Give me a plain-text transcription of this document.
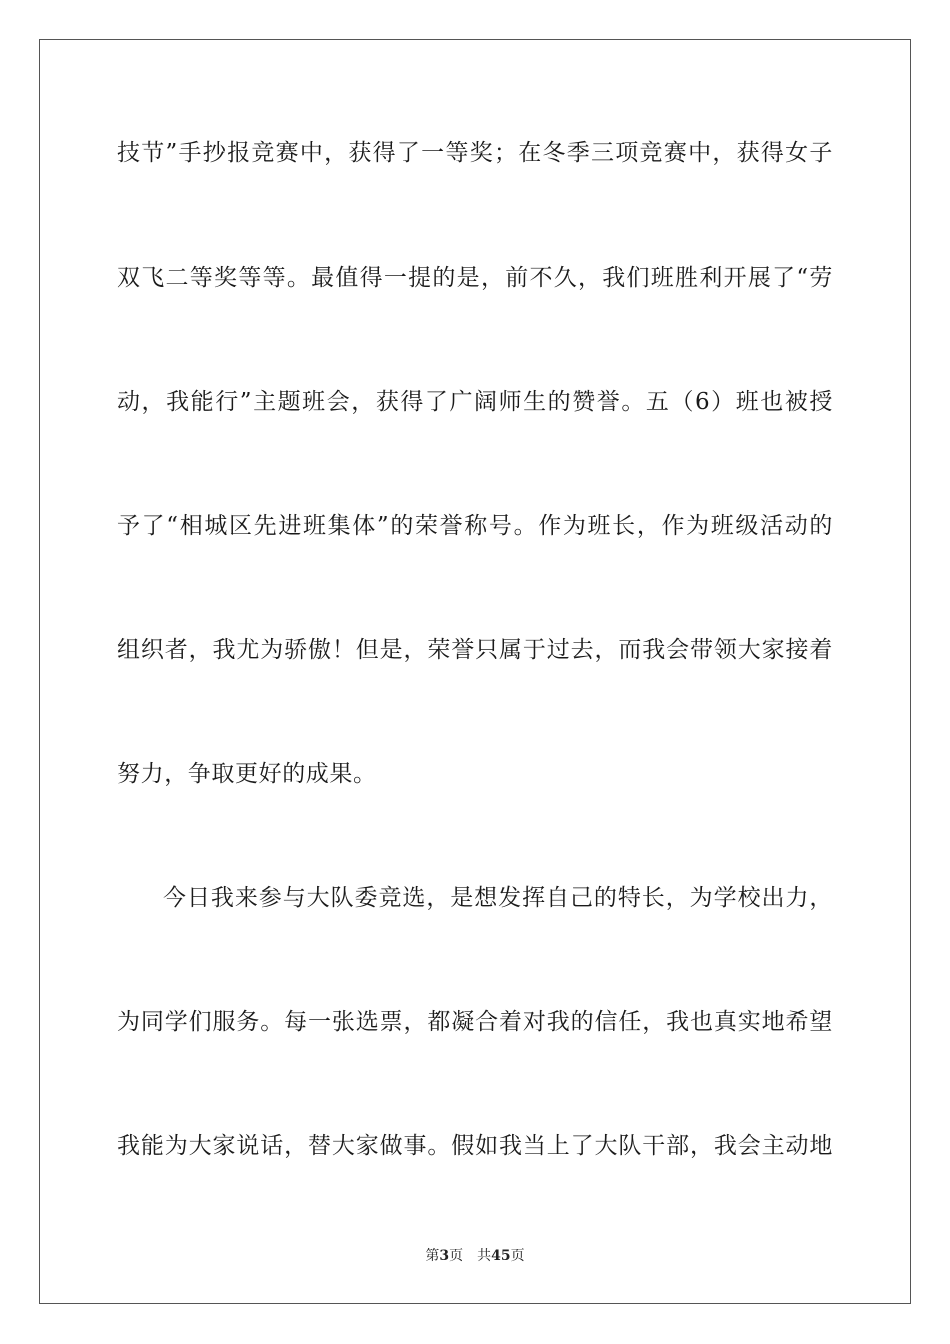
技节”手抄报竞赛中，获得了一等奖；在冬季三项竞赛中，获得女子
双飞二等奖等等。最值得一提的是，前不久，我们班胜利开展了“劳
动，我能行”主题班会，获得了广阔师生的赞誉。五（6）班也被授
予了“相城区先进班集体”的荣誉称号。作为班长，作为班级活动的
组织者，我尤为骄傲！但是，荣誉只属于过去，而我会带领大家接着
努力，争取更好的成果。
今日我来参与大队委竞选，是想发挥自己的特长，为学校出力，
为同学们服务。每一张选票，都凝合着对我的信任，我也真实地希望
我能为大家说话，替大家做事。假如我当上了大队干部，我会主动地
第3页 共45页
